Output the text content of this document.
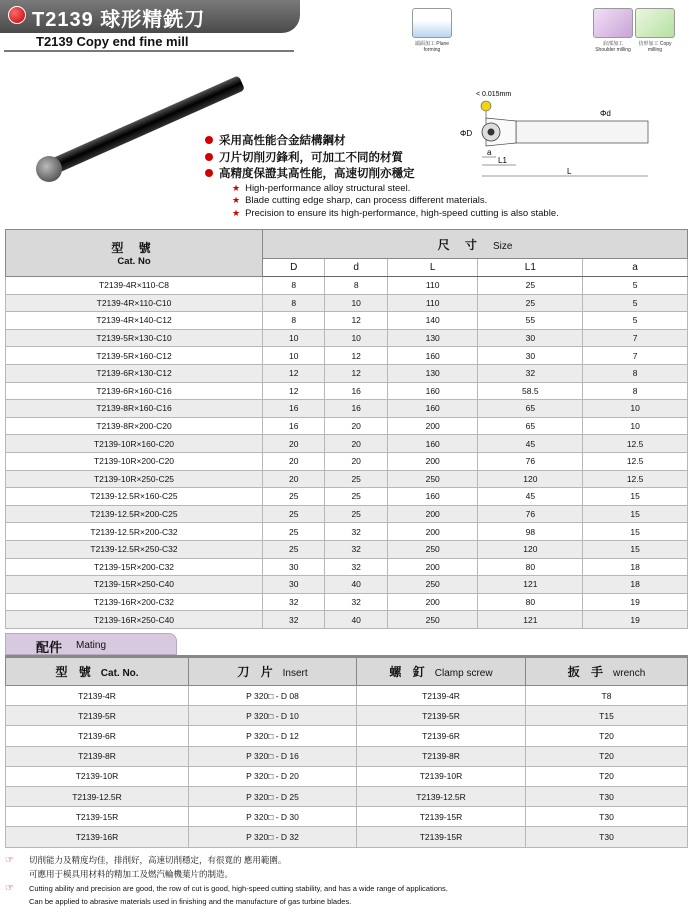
T2139 球形精銑刀
T2139 Copy end fine mill	端面加工 Plane forming
肩部加工 Shoulder milling
仿形加工 Copy milling
< 0.015mm
ΦD
Φd
a
L1
L
采用高性能合金結構鋼材
刀片切削刃鋒利，可加工不同的材質
高精度保證其高性能，高速切削亦穩定
★ High-performance alloy structural steel.
★ Blade cutting edge sharp, can process different materials.
★ Precision to ensure its high-performance, high-speed cutting is also stable.
型 號
Cat. No	尺 寸 Size				
	D	d	L	L1	a
T2139-4R×110-C8	8	8	110	25	5
T2139-4R×110-C10	8	10	110	25	5
T2139-4R×140-C12	8	12	140	55	5
T2139-5R×130-C10	10	10	130	30	7
T2139-5R×160-C12	10	12	160	30	7
T2139-6R×130-C12	12	12	130	32	8
T2139-6R×160-C16	12	16	160	58.5	8
T2139-8R×160-C16	16	16	160	65	10
T2139-8R×200-C20	16	20	200	65	10
T2139-10R×160-C20	20	20	160	45	12.5
T2139-10R×200-C20	20	20	200	76	12.5
T2139-10R×250-C25	20	25	250	120	12.5
T2139-12.5R×160-C25	25	25	160	45	15
T2139-12.5R×200-C25	25	25	200	76	15
T2139-12.5R×200-C32	25	32	200	98	15
T2139-12.5R×250-C32	25	32	250	120	15
T2139-15R×200-C32	30	32	200	80	18
T2139-15R×250-C40	30	40	250	121	18
T2139-16R×200-C32	32	32	200	80	19
T2139-16R×250-C40	32	40	250	121	19
配件 Mating
型 號 Cat. No.	刀 片 Insert	螺 釘 Clamp screw	扳 手 wrench
T2139-4R	P 320□ - D 08	T2139-4R	T8
T2139-5R	P 320□ - D 10	T2139-5R	T15
T2139-6R	P 320□ - D 12	T2139-6R	T20
T2139-8R	P 320□ - D 16	T2139-8R	T20
T2139-10R	P 320□ - D 20	T2139-10R	T20
T2139-12.5R	P 320□ - D 25	T2139-12.5R	T30
T2139-15R	P 320□ - D 30	T2139-15R	T30
T2139-16R	P 320□ - D 32	T2139-15R	T30
☞ 切削能力及精度均佳，排削好，高速切削穩定，有很寬的 應用範圍。
可應用于模具用材料的精加工及燃汽輪機葉片的制造。
☞ Cutting ability and precision are good, the row of cut is good, high-speed cutting stability, and has a wide range of applications.
Can be applied to abrasive materials used in finishing and the manufacture of gas turbine blades.
